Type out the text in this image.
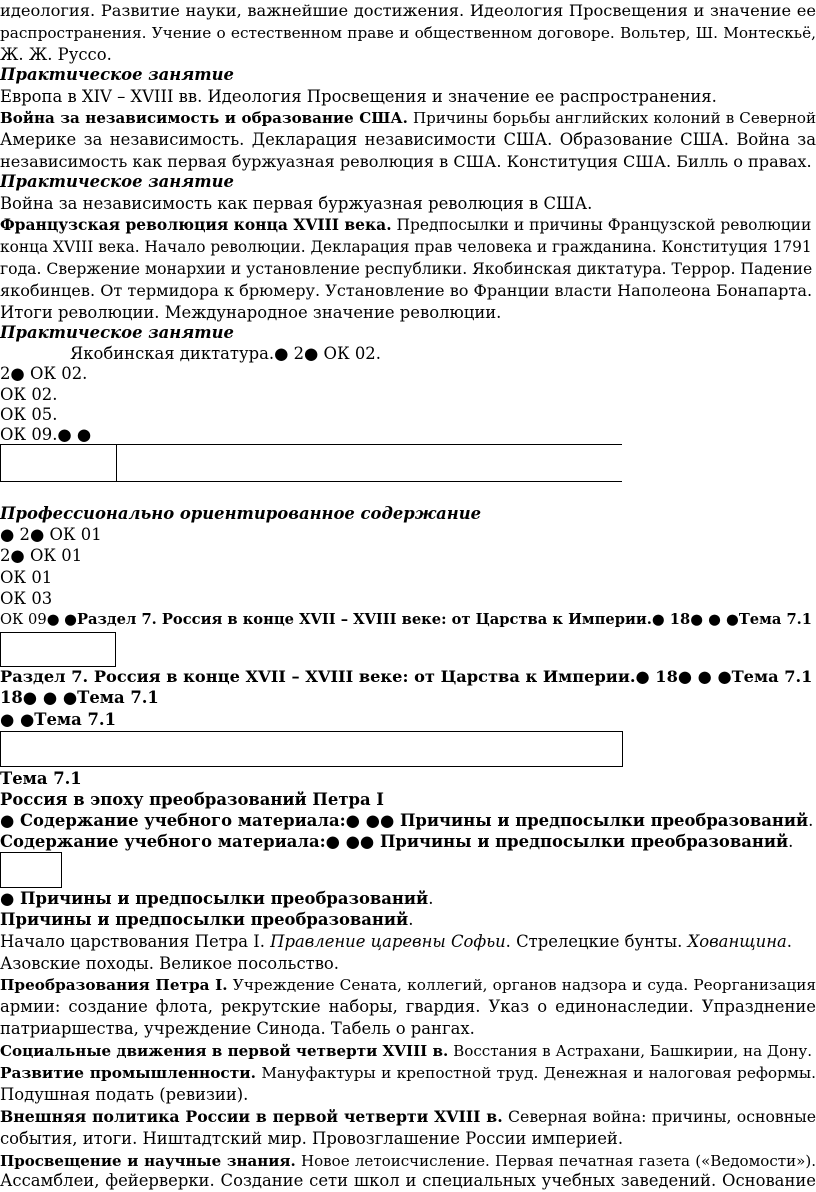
идеология. Развитие науки, важнейшие достижения. Идеология Просвещения и значение ее
распространения. Учение о естественном праве и общественном договоре. Вольтер, Ш. Монтескьё,
Ж. Ж. Руссо.
Практическое занятие
Европа в XIV – XVIII вв. Идеология Просвещения и значение ее распространения.
Война за независимость и образование США. Причины борьбы английских колоний в Северной
Америке за независимость. Декларация независимости США. Образование США. Война за
независимость как первая буржуазная революция в США. Конституция США. Билль о правах.
Практическое занятие
Война за независимость как первая буржуазная революция в США.
Французская революция конца XVIII века. Предпосылки и причины Французской революции
конца XVIII века. Начало революции. Декларация прав человека и гражданина. Конституция 1791
года. Свержение монархии и установление республики. Якобинская диктатура. Террор. Падение
якобинцев. От термидора к брюмеру. Установление во Франции власти Наполеона Бонапарта.
Итоги революции. Международное значение революции.
Практическое занятие
Якобинская диктатура.● 2● ОК 02.
2● ОК 02.
ОК 02.
ОК 05.
ОК 09.● ●
Профессионально ориентированное содержание
● 2● ОК 01
2● ОК 01
ОК 01
ОК 03
ОК 09● ●Раздел 7. Россия в конце XVII – XVIII веке: от Царства к Империи.● 18● ● ●Тема 7.1
Раздел 7. Россия в конце XVII – XVIII веке: от Царства к Империи.● 18● ● ●Тема 7.1
18● ● ●Тема 7.1
● ●Тема 7.1
Тема 7.1
Россия в эпоху преобразований Петра I
● Содержание учебного материала:● ●● Причины и предпосылки преобразований.
Содержание учебного материала:● ●● Причины и предпосылки преобразований.
● Причины и предпосылки преобразований.
Причины и предпосылки преобразований.
Начало царствования Петра I. Правление царевны Софьи. Стрелецкие бунты. Хованщина.
Азовские походы. Великое посольство.
Преобразования Петра I. Учреждение Сената, коллегий, органов надзора и суда. Реорганизация
армии: создание флота, рекрутские наборы, гвардия. Указ о единонаследии. Упразднение
патриаршества, учреждение Синода. Табель о рангах.
Социальные движения в первой четверти XVIII в. Восстания в Астрахани, Башкирии, на Дону.
Развитие промышленности. Мануфактуры и крепостной труд. Денежная и налоговая реформы.
Подушная подать (ревизии).
Внешняя политика России в первой четверти XVIII в. Северная война: причины, основные
события, итоги. Ништадтский мир. Провозглашение России империей.
Просвещение и научные знания. Новое летоисчисление. Первая печатная газета («Ведомости»).
Ассамблеи, фейерверки. Создание сети школ и специальных учебных заведений. Основание
